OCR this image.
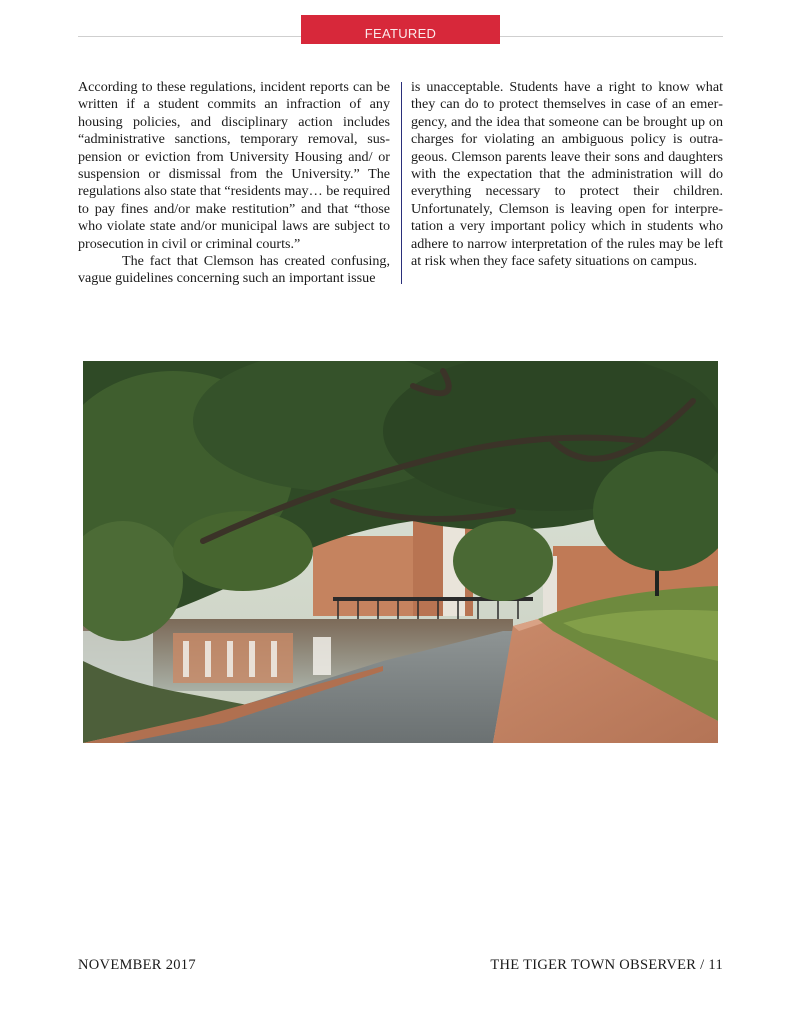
FEATURED

According to these regulations, incident reports can be written if a student commits an infraction of any housing policies, and disciplinary action includes “administrative sanctions, temporary removal, suspension or eviction from University Housing and/ or suspension or dismissal from the University.” The regulations also state that “residents may… be required to pay fines and/or make restitution” and that “those who violate state and/or municipal laws are subject to prosecution in civil or criminal courts.”

The fact that Clemson has created confusing, vague guidelines concerning such an important issue

is unacceptable. Students have a right to know what they can do to protect themselves in case of an emergency, and the idea that someone can be brought up on charges for violating an ambiguous policy is outrageous. Clemson parents leave their sons and daughters with the expectation that the administration will do everything necessary to protect their children. Unfortunately, Clemson is leaving open for interpretation a very important policy which in students who adhere to narrow interpretation of the rules may be left at risk when they face safety situations on campus.

NOVEMBER 2017	THE TIGER TOWN OBSERVER / 11
